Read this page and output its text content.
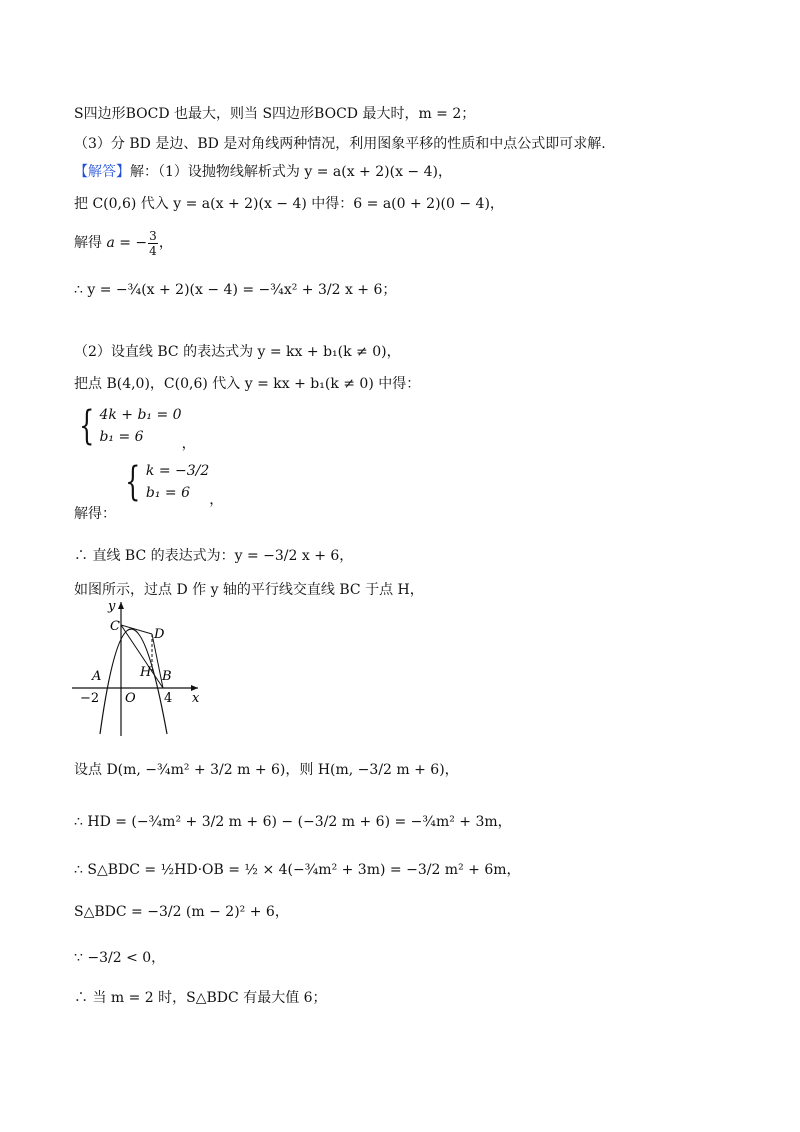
S四边形BOCD 也最大，则当 S四边形BOCD 最大时，m = 2；
（3）分 BD 是边、BD 是对角线两种情况，利用图象平移的性质和中点公式即可求解.
【解答】解：（1）设抛物线解析式为 y = a(x + 2)(x − 4)，
把 C(0,6) 代入 y = a(x + 2)(x − 4) 中得：6 = a(0 + 2)(0 − 4)，
解得 a = − $\frac{3}{4}$ ，
∴ y = −¾(x + 2)(x − 4) = −¾x² + 3/2 x + 6；
（2）设直线 BC 的表达式为 y = kx + b₁(k ≠ 0)，
把点 B(4,0)，C(0,6) 代入 y = kx + b₁(k ≠ 0) 中得：
{ 4k + b₁ = 0
b₁ = 6	，
解得： { k = −3/2
b₁ = 6	，
∴ 直线 BC 的表达式为：y = −3/2 x + 6，
如图所示，过点 D 作 y 轴的平行线交直线 BC 于点 H，
y
x
C
D
A	H B
O
−2	4
设点 D(m, −¾m² + 3/2 m + 6)，则 H(m, −3/2 m + 6)，
∴ HD = (−¾m² + 3/2 m + 6) − (−3/2 m + 6) = −¾m² + 3m，
∴ S△BDC = ½HD·OB = ½ × 4(−¾m² + 3m) = −3/2 m² + 6m，
S△BDC = −3/2 (m − 2)² + 6，
∵ −3/2 < 0，
∴ 当 m = 2 时，S△BDC 有最大值 6；
